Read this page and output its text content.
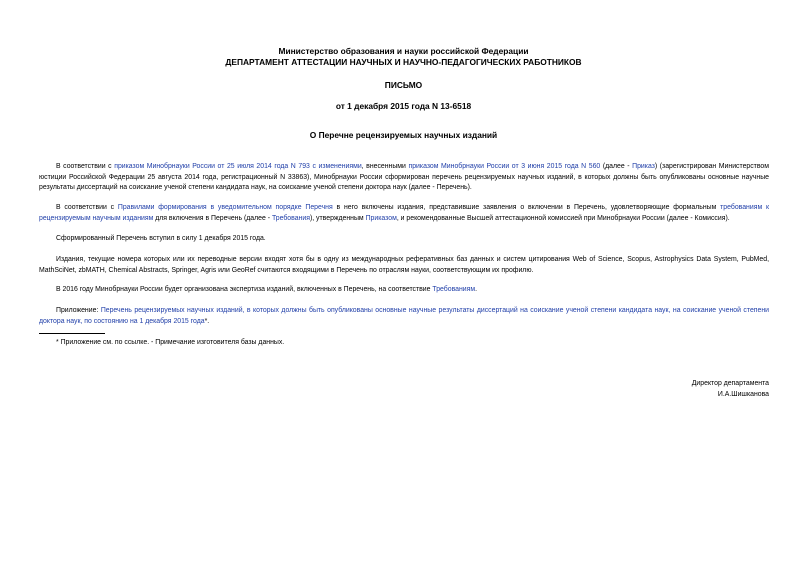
Министерство образования и науки российской Федерации
ДЕПАРТАМЕНТ АТТЕСТАЦИИ НАУЧНЫХ И НАУЧНО-ПЕДАГОГИЧЕСКИХ РАБОТНИКОВ
ПИСЬМО
от 1 декабря 2015 года N 13-6518
О Перечне рецензируемых научных изданий
В соответствии с приказом Минобрнауки России от 25 июля 2014 года N 793 с изменениями, внесенными приказом Минобрнауки России от 3 июня 2015 года N 560 (далее - Приказ) (зарегистрирован Министерством юстиции Российской Федерации 25 августа 2014 года, регистрационный N 33863), Минобрнауки России сформирован перечень рецензируемых научных изданий, в которых должны быть опубликованы основные научные результаты диссертаций на соискание ученой степени кандидата наук, на соискание ученой степени доктора наук (далее - Перечень).
В соответствии с Правилами формирования в уведомительном порядке Перечня в него включены издания, представившие заявления о включении в Перечень, удовлетворяющие формальным требованиям к рецензируемым научным изданиям для включения в Перечень (далее - Требования), утвержденным Приказом, и рекомендованные Высшей аттестационной комиссией при Минобрнауки России (далее - Комиссия).
Сформированный Перечень вступил в силу 1 декабря 2015 года.
Издания, текущие номера которых или их переводные версии входят хотя бы в одну из международных реферативных баз данных и систем цитирования Web of Science, Scopus, Astrophysics Data System, PubMed, MathSciNet, zbMATH, Chemical Abstracts, Springer, Agris или GeoRef считаются входящими в Перечень по отраслям науки, соответствующим их профилю.
В 2016 году Минобрнауки России будет организована экспертиза изданий, включенных в Перечень, на соответствие Требованиям.
Приложение: Перечень рецензируемых научных изданий, в которых должны быть опубликованы основные научные результаты диссертаций на соискание ученой степени кандидата наук, на соискание ученой степени доктора наук, по состоянию на 1 декабря 2015 года*.
* Приложение см. по ссылке. - Примечание изготовителя базы данных.
Директор департамента
И.А.Шишканова
